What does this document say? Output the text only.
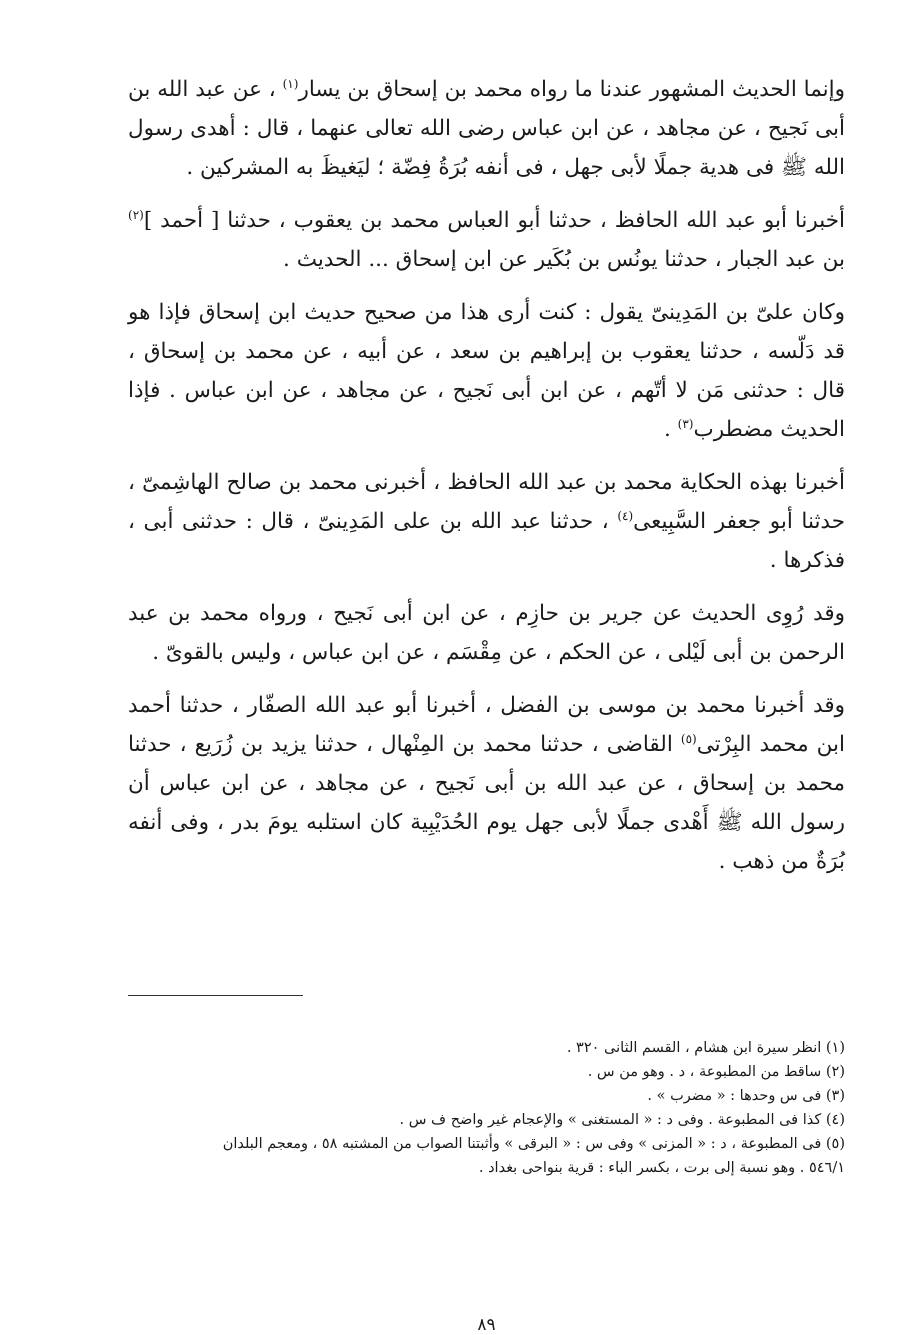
وإنما الحديث المشهور عندنا ما رواه محمد بن إسحاق بن يسار$^{(١)}$ ، عن عبد الله بن أبى نَجيح ، عن مجاهد ، عن ابن عباس رضى الله تعالى عنهما ، قال : أهدى رسول الله ﷺ فى هدية جملًا لأبى جهل ، فى أنفه بُرَةُ فِضّة ؛ ليَغيظَ به المشركين .

أخبرنا أبو عبد الله الحافظ ، حدثنا أبو العباس محمد بن يعقوب ، حدثنا [ أحمد ]$^{(٢)}$ بن عبد الجبار ، حدثنا يونُس بن بُكَير عن ابن إسحاق ... الحديث .

وكان علىّ بن المَدِينىّ يقول : كنت أرى هذا من صحيح حديث ابن إسحاق فإذا هو قد دَلّسه ، حدثنا يعقوب بن إبراهيم بن سعد ، عن أبيه ، عن محمد بن إسحاق ، قال : حدثنى مَن لا أتّهم ، عن ابن أبى نَجيح ، عن مجاهد ، عن ابن عباس . فإذا الحديث مضطرب$^{(٣)}$ .

أخبرنا بهذه الحكاية محمد بن عبد الله الحافظ ، أخبرنى محمد بن صالح الهاشِمىّ ، حدثنا أبو جعفر السَّبِيعى$^{(٤)}$ ، حدثنا عبد الله بن على المَدِينىّ ، قال : حدثنى أبى ، فذكرها .

وقد رُوِى الحديث عن جرير بن حازِم ، عن ابن أبى نَجيح ، ورواه محمد بن عبد الرحمن بن أبى لَيْلى ، عن الحكم ، عن مِقْسَم ، عن ابن عباس ، وليس بالقوىّ .

وقد أخبرنا محمد بن موسى بن الفضل ، أخبرنا أبو عبد الله الصفّار ، حدثنا أحمد ابن محمد البِرْتى$^{(٥)}$ القاضى ، حدثنا محمد بن المِنْهال ، حدثنا يزيد بن زُرَيع ، حدثنا محمد بن إسحاق ، عن عبد الله بن أبى نَجيح ، عن مجاهد ، عن ابن عباس أن رسول الله ﷺ أَهْدى جملًا لأبى جهل يوم الحُدَيْبِية كان استلبه يومَ بدر ، وفى أنفه بُرَةٌ من ذهب .

(١) انظر سيرة ابن هشام ، القسم الثانى ٣٢٠ .

(٢) ساقط من المطبوعة ، د . وهو من س .

(٣) فى س وحدها : « مضرب » .

(٤) كذا فى المطبوعة . وفى د : « المستغنى » والإعجام غير واضح ف س .

(٥) فى المطبوعة ، د : « المزنى » وفى س : « البرقى » وأثبتنا الصواب من المشتبه ٥٨ ، ومعجم البلدان

٥٤٦/١ . وهو نسبة إلى برت ، بكسر الباء : قرية بنواحى بغداد .

٨٩
